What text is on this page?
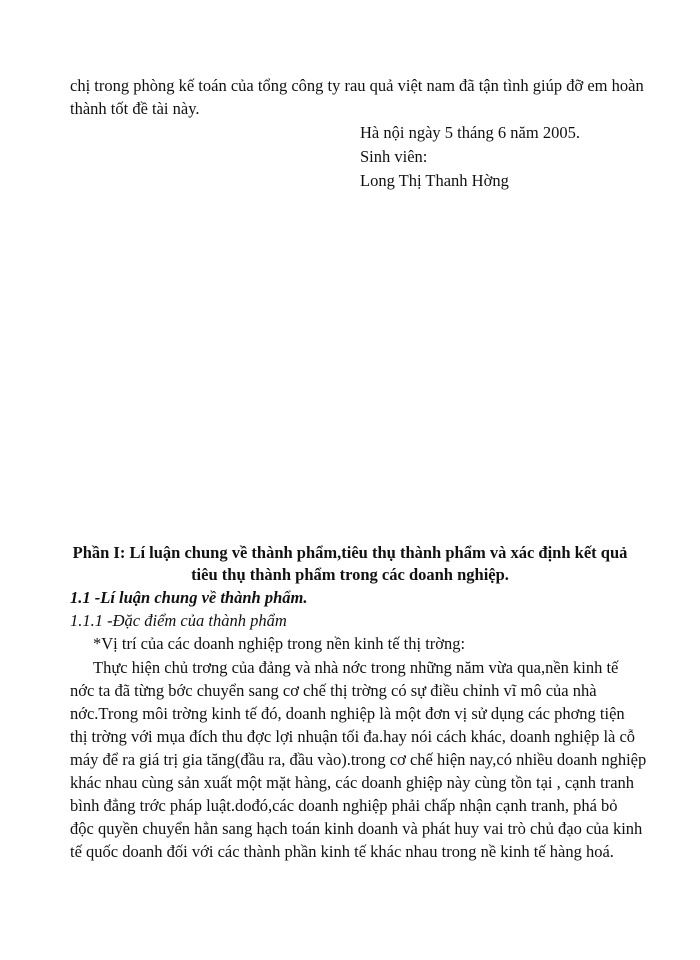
chị trong phòng kế toán của tổng công ty rau quả việt nam đã tận tình giúp đỡ em hoàn
thành tốt đề tài này.
Hà nội ngày 5 tháng 6 năm 2005.
Sinh viên:
Long Thị Thanh Hờng
Phần I: Lí luận chung về thành phẩm,tiêu thụ thành phẩm và xác định kết quả
tiêu thụ thành phẩm trong các doanh nghiệp.
1.1 -Lí luận chung về thành phẩm.
1.1.1 -Đặc điểm của thành phẩm
*Vị trí của các doanh nghiệp trong nền kinh tế thị trờng:
Thực hiện chủ trơng của đảng và nhà nớc trong những năm vừa qua,nền kinh tế
nớc ta đã từng bớc chuyển sang cơ chế thị trờng có sự điều chỉnh vĩ mô của nhà
nớc.Trong môi trờng kinh tế đó, doanh nghiệp là một đơn vị sử dụng các phơng tiện
thị trờng với mụa đích thu đợc lợi nhuận tối đa.hay nói cách khác, doanh nghiệp là cỗ
máy để ra giá trị gia tăng(đầu ra, đầu vào).trong cơ chế hiện nay,có nhiều doanh nghiệp
khác nhau cùng sản xuất một mặt hàng, các doanh ghiệp này cùng tồn tại , cạnh tranh
bình đẳng trớc pháp luật.dođó,các doanh nghiệp phải chấp nhận cạnh tranh, phá bỏ
độc quyền chuyển hẳn sang hạch toán kinh doanh và phát huy vai trò chủ đạo của kinh
tế quốc doanh đối với các thành phần kinh tế khác nhau trong nề kinh tế hàng hoá.
